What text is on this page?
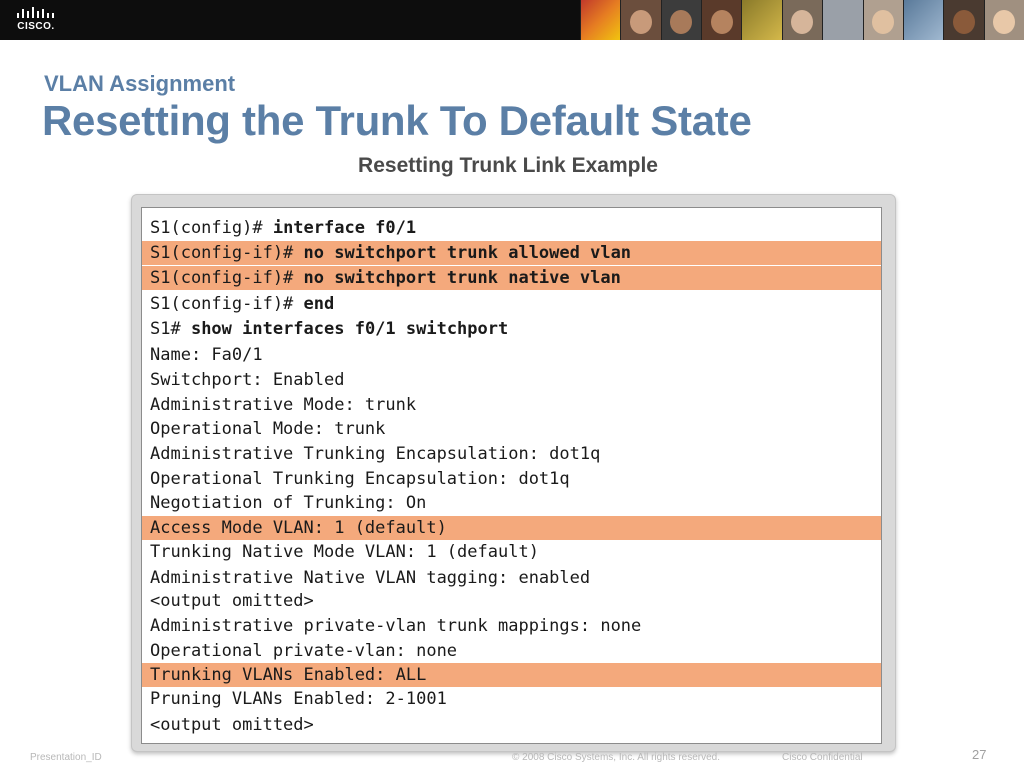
CISCO.
VLAN Assignment
Resetting the Trunk To Default State
Resetting Trunk Link Example
S1(config)# interface f0/1
S1(config-if)# no switchport trunk allowed vlan
S1(config-if)# no switchport trunk native vlan
S1(config-if)# end
S1# show interfaces f0/1 switchport
Name: Fa0/1
Switchport: Enabled
Administrative Mode: trunk
Operational Mode: trunk
Administrative Trunking Encapsulation: dot1q
Operational Trunking Encapsulation: dot1q
Negotiation of Trunking: On
Access Mode VLAN: 1 (default)
Trunking Native Mode VLAN: 1 (default)
Administrative Native VLAN tagging: enabled
<output omitted>
Administrative private-vlan trunk mappings: none
Operational private-vlan: none
Trunking VLANs Enabled: ALL
Pruning VLANs Enabled: 2-1001
<output omitted>
Presentation_ID	© 2008 Cisco Systems, Inc. All rights reserved.	Cisco Confidential	27
